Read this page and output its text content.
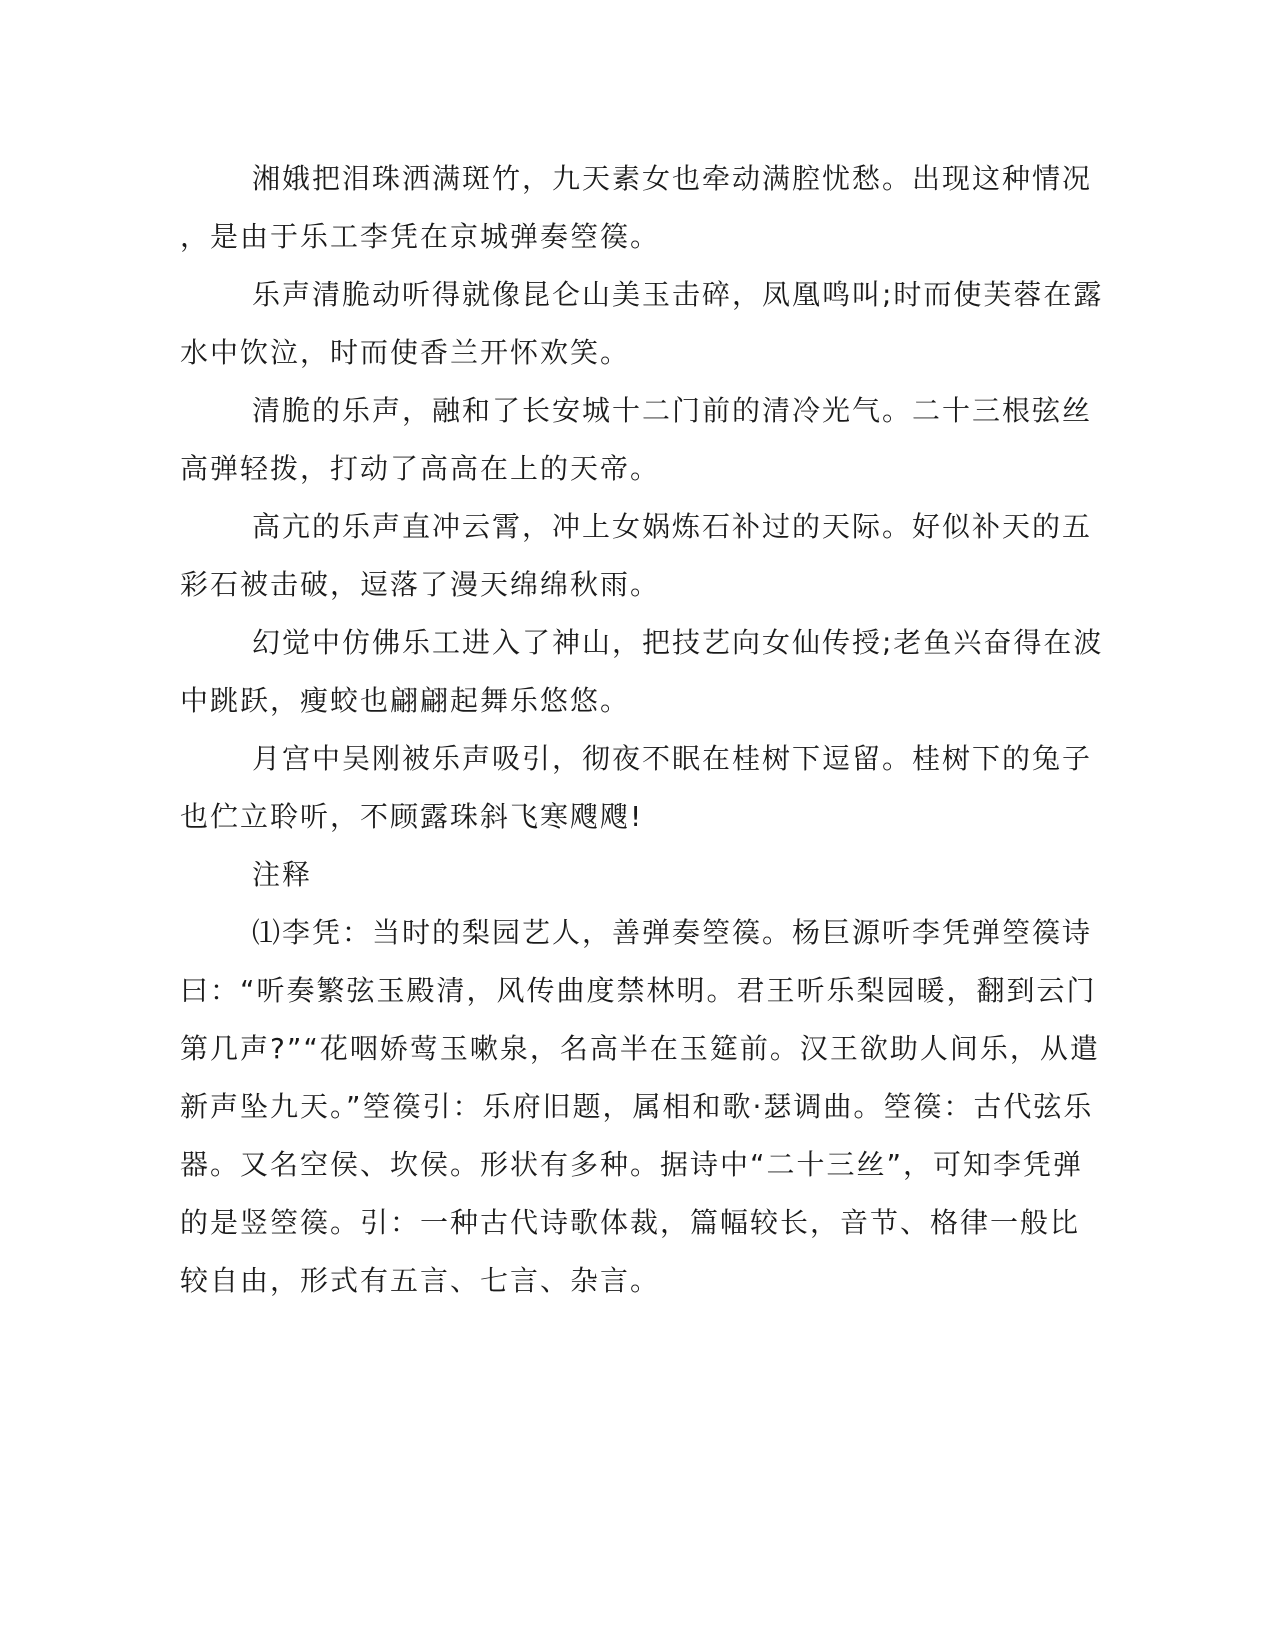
湘娥把泪珠洒满斑竹，九天素女也牵动满腔忧愁。出现这种情况
，是由于乐工李凭在京城弹奏箜篌。
乐声清脆动听得就像昆仑山美玉击碎，凤凰鸣叫;时而使芙蓉在露
水中饮泣，时而使香兰开怀欢笑。
清脆的乐声，融和了长安城十二门前的清冷光气。二十三根弦丝
高弹轻拨，打动了高高在上的天帝。
高亢的乐声直冲云霄，冲上女娲炼石补过的天际。好似补天的五
彩石被击破，逗落了漫天绵绵秋雨。
幻觉中仿佛乐工进入了神山，把技艺向女仙传授;老鱼兴奋得在波
中跳跃，瘦蛟也翩翩起舞乐悠悠。
月宫中吴刚被乐声吸引，彻夜不眠在桂树下逗留。桂树下的兔子
也伫立聆听，不顾露珠斜飞寒飕飕!
注释
⑴李凭：当时的梨园艺人，善弹奏箜篌。杨巨源听李凭弹箜篌诗
曰：“听奏繁弦玉殿清，风传曲度禁林明。君王听乐梨园暖，翻到云门
第几声?”“花咽娇莺玉嗽泉，名高半在玉筵前。汉王欲助人间乐，从遣
新声坠九天。”箜篌引：乐府旧题，属相和歌·瑟调曲。箜篌：古代弦乐
器。又名空侯、坎侯。形状有多种。据诗中“二十三丝”，可知李凭弹
的是竖箜篌。引：一种古代诗歌体裁，篇幅较长，音节、格律一般比
较自由，形式有五言、七言、杂言。
